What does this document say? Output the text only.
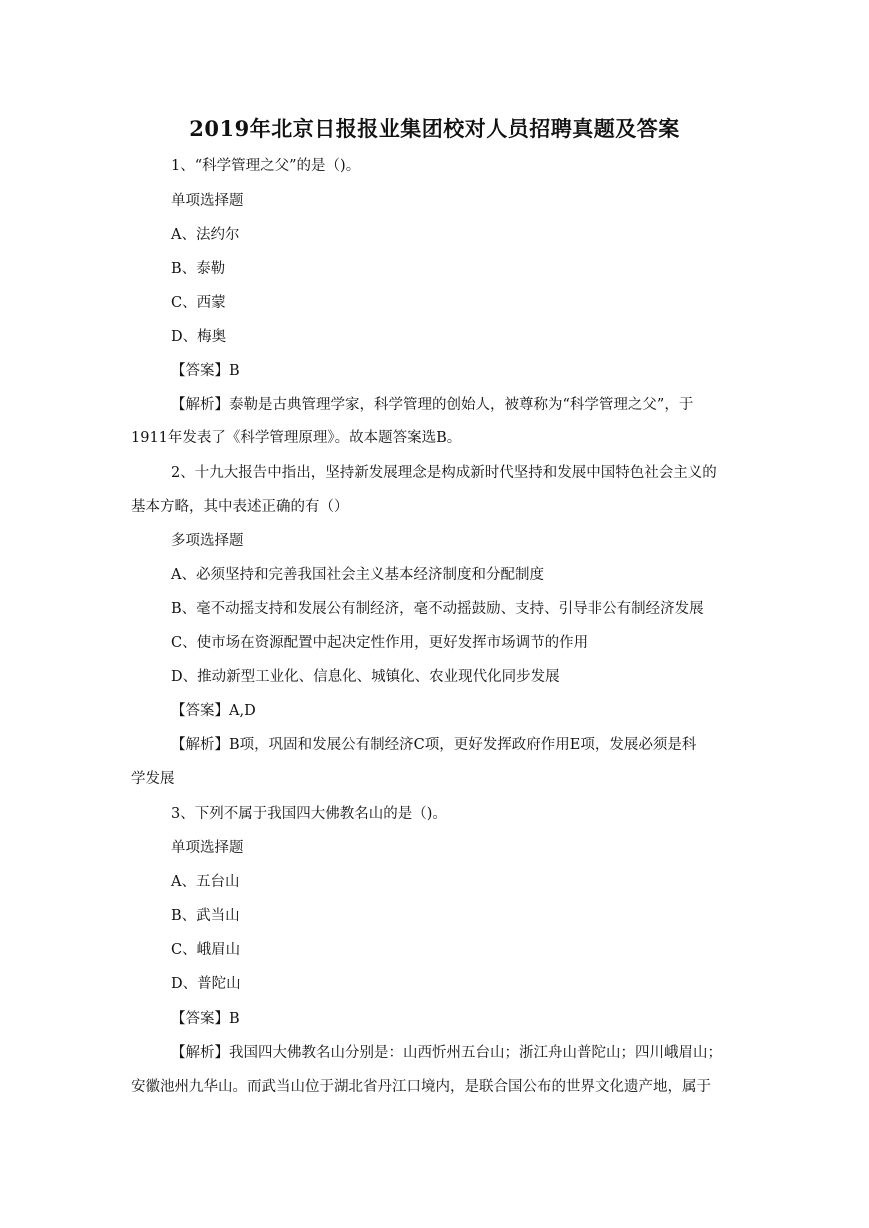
2019年北京日报报业集团校对人员招聘真题及答案
1、“科学管理之父”的是（)。
单项选择题
A、法约尔
B、泰勒
C、西蒙
D、梅奥
【答案】B
【解析】泰勒是古典管理学家，科学管理的创始人，被尊称为“科学管理之父”，于
1911年发表了《科学管理原理》。故本题答案选B。
2、十九大报告中指出，坚持新发展理念是构成新时代坚持和发展中国特色社会主义的
基本方略，其中表述正确的有（）
多项选择题
A、必须坚持和完善我国社会主义基本经济制度和分配制度
B、毫不动摇支持和发展公有制经济，毫不动摇鼓励、支持、引导非公有制经济发展
C、使市场在资源配置中起决定性作用，更好发挥市场调节的作用
D、推动新型工业化、信息化、城镇化、农业现代化同步发展
【答案】A,D
【解析】B项，巩固和发展公有制经济C项，更好发挥政府作用E项，发展必须是科
学发展
3、下列不属于我国四大佛教名山的是（)。
单项选择题
A、五台山
B、武当山
C、峨眉山
D、普陀山
【答案】B
【解析】我国四大佛教名山分别是：山西忻州五台山；浙江舟山普陀山；四川峨眉山；
安徽池州九华山。而武当山位于湖北省丹江口境内，是联合国公布的世界文化遗产地，属于
